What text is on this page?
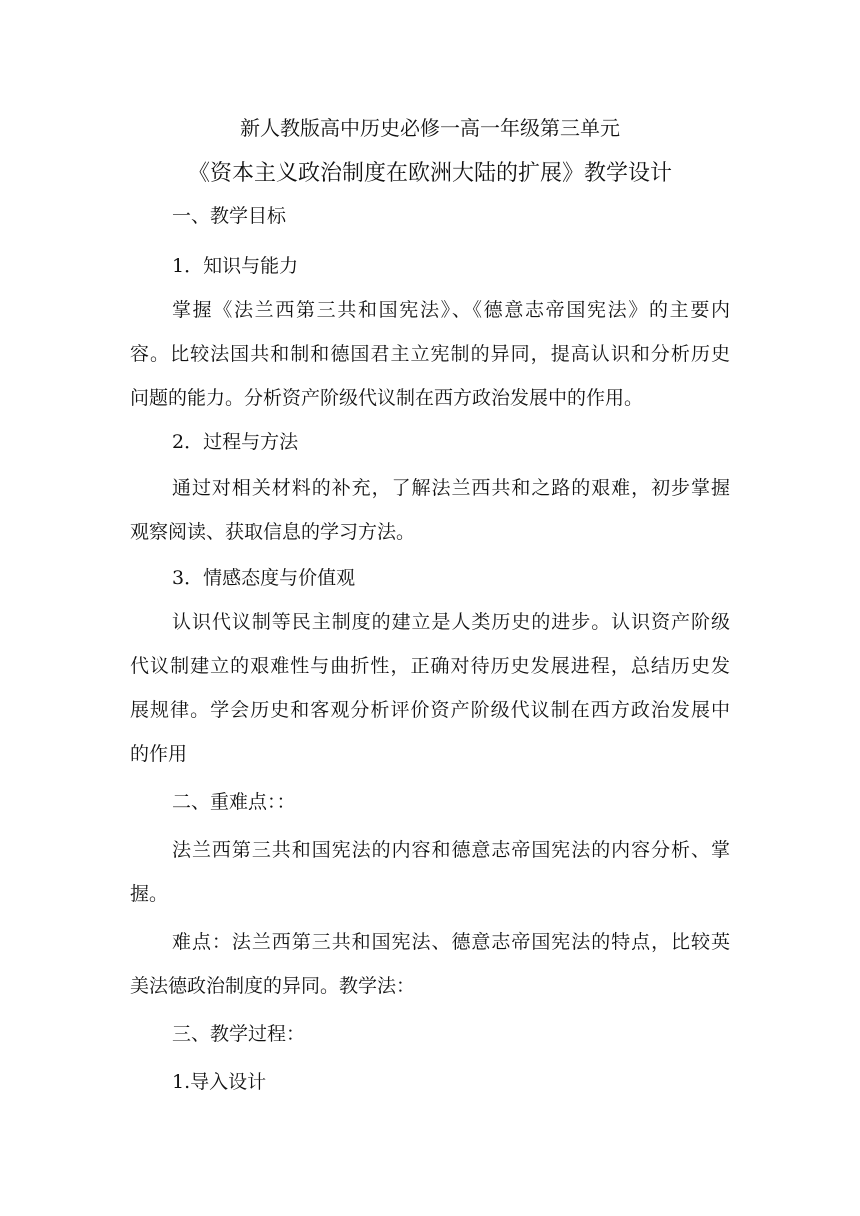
新人教版高中历史必修一高一年级第三单元
《资本主义政治制度在欧洲大陆的扩展》教学设计
一、教学目标
1．知识与能力
掌握《法兰西第三共和国宪法》、《德意志帝国宪法》的主要内
容。比较法国共和制和德国君主立宪制的异同，提高认识和分析历史
问题的能力。分析资产阶级代议制在西方政治发展中的作用。
2．过程与方法
通过对相关材料的补充，了解法兰西共和之路的艰难，初步掌握
观察阅读、获取信息的学习方法。
3．情感态度与价值观
认识代议制等民主制度的建立是人类历史的进步。认识资产阶级
代议制建立的艰难性与曲折性，正确对待历史发展进程，总结历史发
展规律。学会历史和客观分析评价资产阶级代议制在西方政治发展中
的作用
二、重难点：：
法兰西第三共和国宪法的内容和德意志帝国宪法的内容分析、掌
握。
难点：法兰西第三共和国宪法、德意志帝国宪法的特点，比较英
美法德政治制度的异同。教学法：
三、教学过程：
1.导入设计
